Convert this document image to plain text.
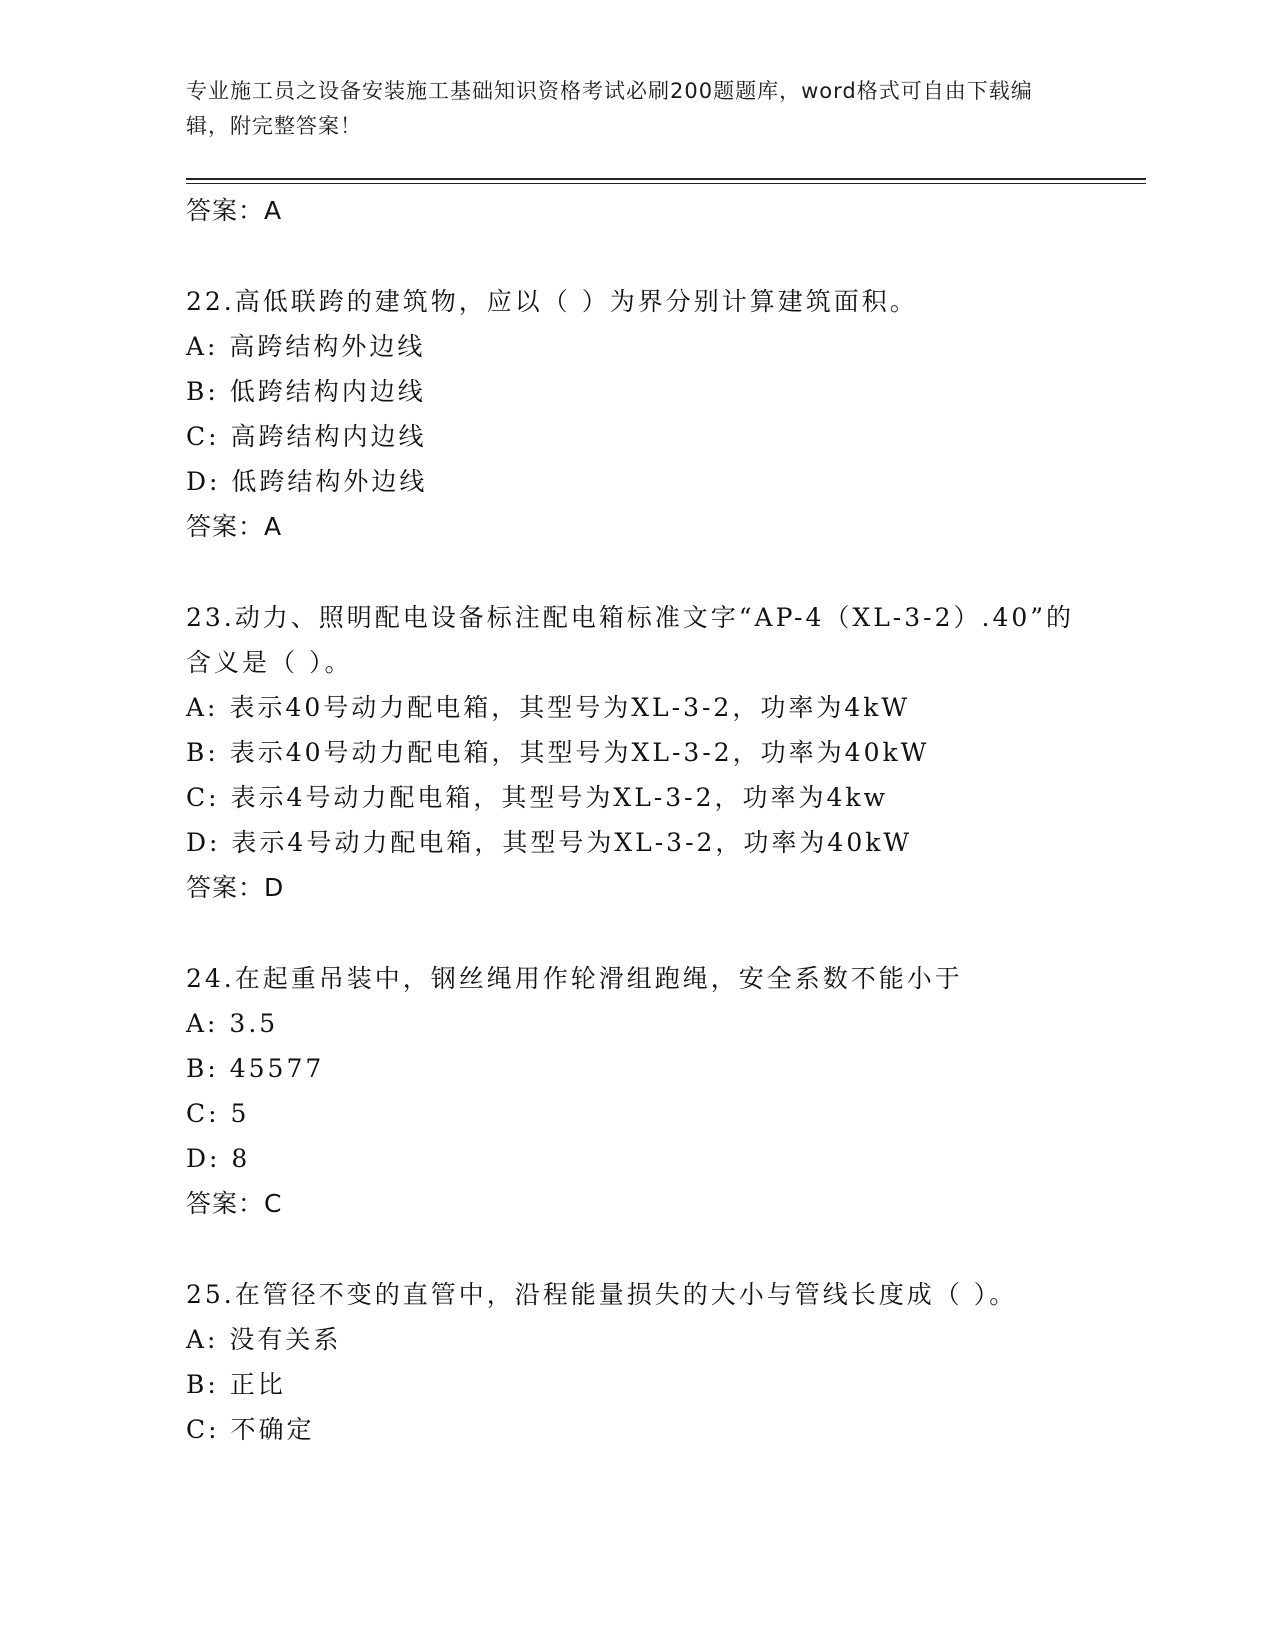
专业施工员之设备安装施工基础知识资格考试必刷200题题库，word格式可自由下载编辑，附完整答案！
答案：A
22.高低联跨的建筑物，应以（ ）为界分别计算建筑面积。
A: 高跨结构外边线
B: 低跨结构内边线
C: 高跨结构内边线
D: 低跨结构外边线
答案：A
23.动力、照明配电设备标注配电箱标准文字“AP-4（XL-3-2）.40”的含义是（ ）。
A: 表示40号动力配电箱，其型号为XL-3-2，功率为4kW
B: 表示40号动力配电箱，其型号为XL-3-2，功率为40kW
C: 表示4号动力配电箱，其型号为XL-3-2，功率为4kw
D: 表示4号动力配电箱，其型号为XL-3-2，功率为40kW
答案：D
24.在起重吊装中，钢丝绳用作轮滑组跑绳，安全系数不能小于
A: 3.5
B: 45577
C: 5
D: 8
答案：C
25.在管径不变的直管中，沿程能量损失的大小与管线长度成（ ）。
A: 没有关系
B: 正比
C: 不确定
